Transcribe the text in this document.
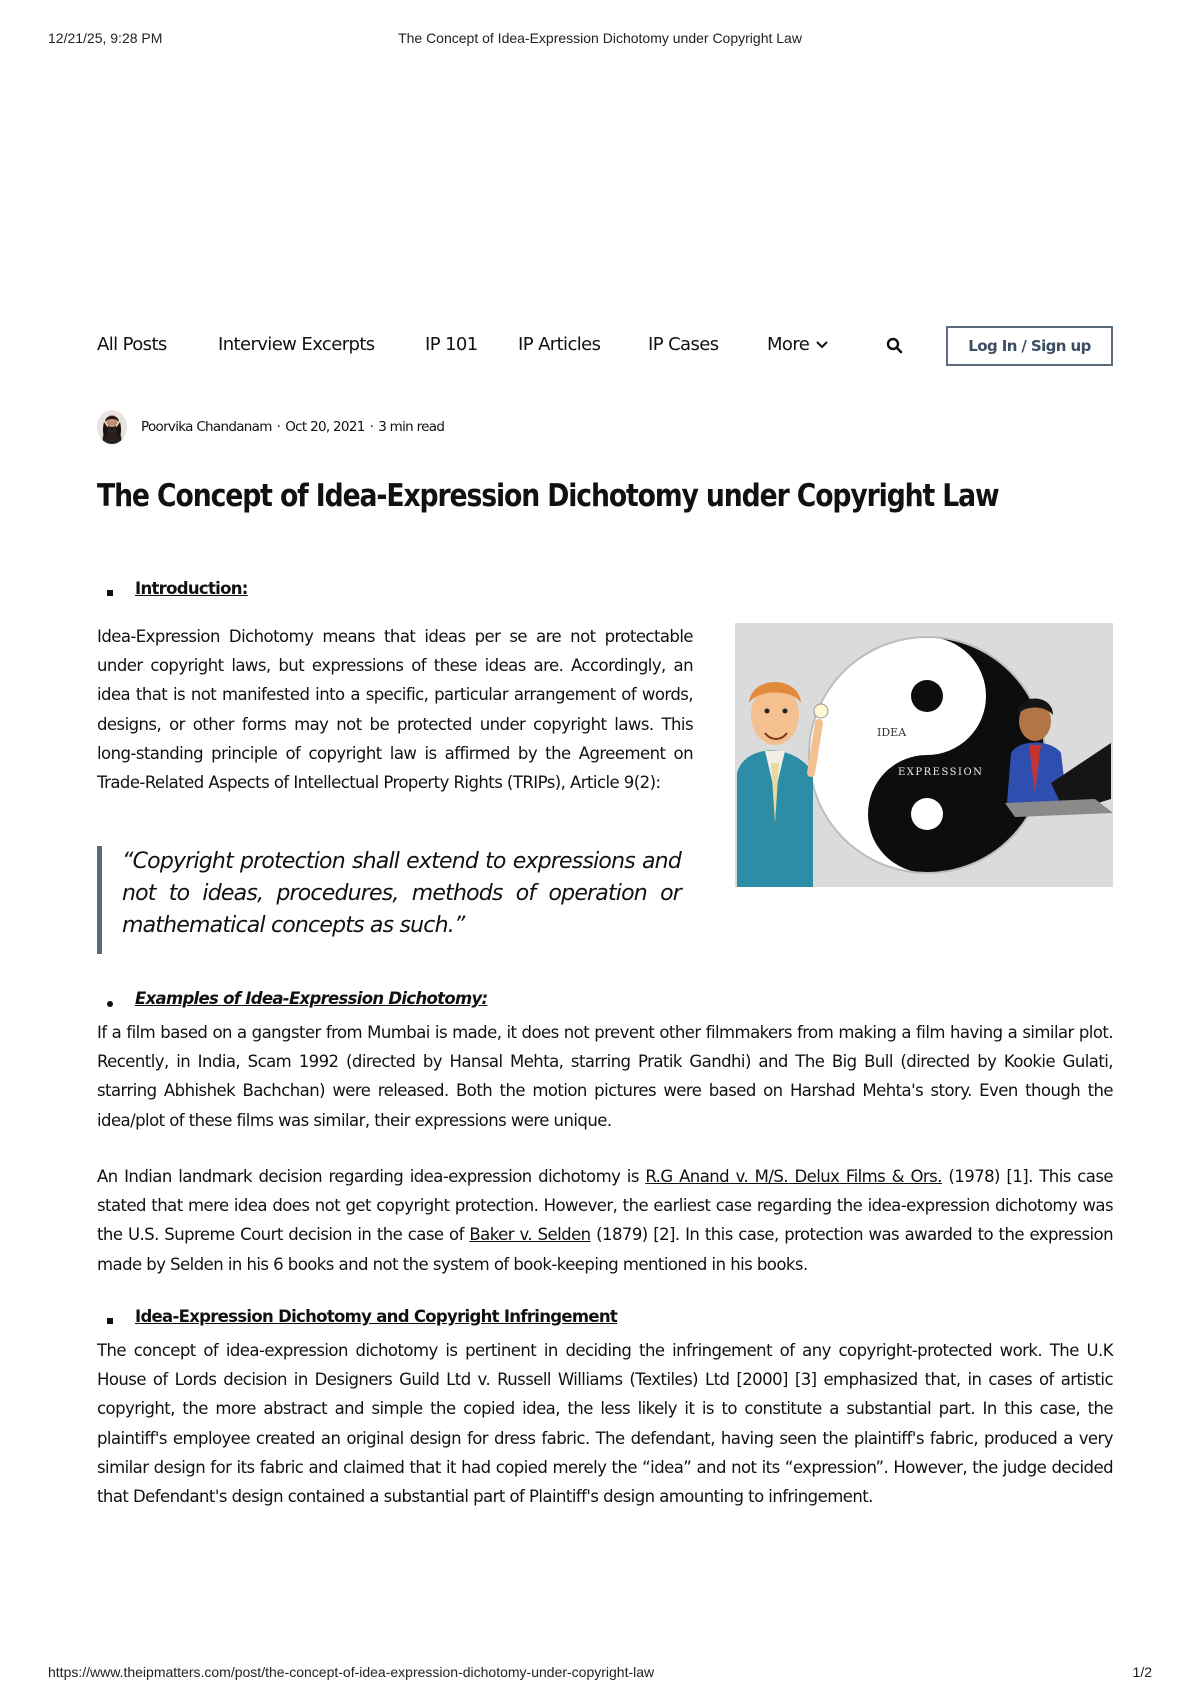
12/21/25, 9:28 PM	The Concept of Idea-Expression Dichotomy under Copyright Law
All Posts	Interview Excerpts	IP 101 IP Articles	IP Cases	More	Log In / Sign up
Poorvika Chandanam · Oct 20, 2021 · 3 min read
The Concept of Idea-Expression Dichotomy under Copyright Law
Introduction:

Idea-Expression Dichotomy means that ideas per se are not protectable under copyright laws, but expressions of these ideas are. Accordingly, an idea that is not manifested into a specific, particular arrangement of words, designs, or other forms may not be protected under copyright laws. This long-standing principle of copyright law is affirmed by the Agreement on Trade-Related Aspects of Intellectual Property Rights (TRIPs), Article 9(2):

“Copyright protection shall extend to expressions and not to ideas, procedures, methods of operation or mathematical concepts as such.”
IDEA
EXPRESSION
Examples of Idea-Expression Dichotomy:

If a film based on a gangster from Mumbai is made, it does not prevent other filmmakers from making a film having a similar plot. Recently, in India, Scam 1992 (directed by Hansal Mehta, starring Pratik Gandhi) and The Big Bull (directed by Kookie Gulati, starring Abhishek Bachchan) were released. Both the motion pictures were based on Harshad Mehta's story. Even though the idea/plot of these films was similar, their expressions were unique.

An Indian landmark decision regarding idea-expression dichotomy is R.G Anand v. M/S. Delux Films & Ors. (1978) [1]. This case stated that mere idea does not get copyright protection. However, the earliest case regarding the idea-expression dichotomy was the U.S. Supreme Court decision in the case of Baker v. Selden (1879) [2]. In this case, protection was awarded to the expression made by Selden in his 6 books and not the system of book-keeping mentioned in his books.

Idea-Expression Dichotomy and Copyright Infringement

The concept of idea-expression dichotomy is pertinent in deciding the infringement of any copyright-protected work. The U.K House of Lords decision in Designers Guild Ltd v. Russell Williams (Textiles) Ltd [2000] [3] emphasized that, in cases of artistic copyright, the more abstract and simple the copied idea, the less likely it is to constitute a substantial part. In this case, the plaintiff's employee created an original design for dress fabric. The defendant, having seen the plaintiff's fabric, produced a very similar design for its fabric and claimed that it had copied merely the “idea” and not its “expression”. However, the judge decided that Defendant's design contained a substantial part of Plaintiff's design amounting to infringement.

https://www.theipmatters.com/post/the-concept-of-idea-expression-dichotomy-under-copyright-law	1/2
